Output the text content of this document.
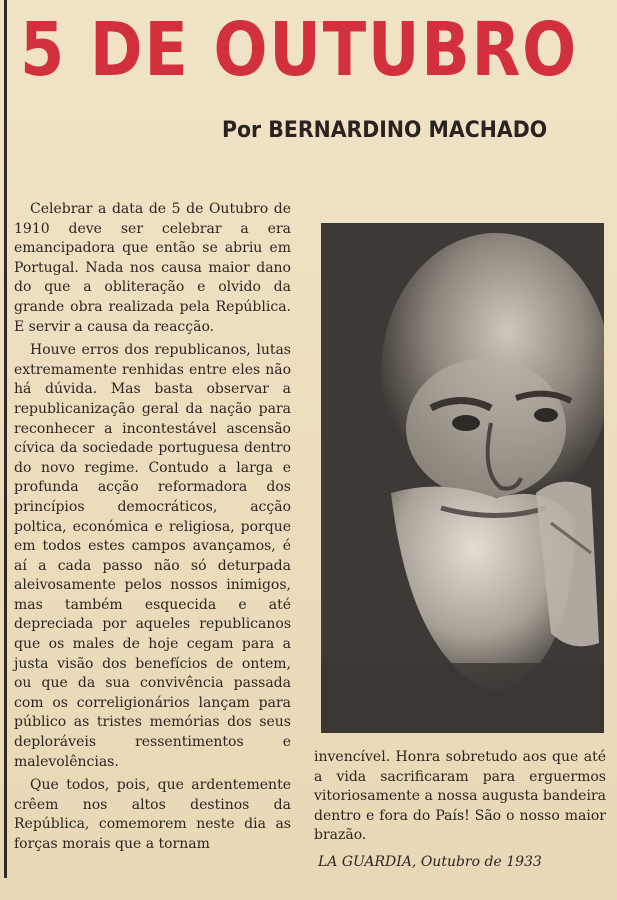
5 DE OUTUBRO
Por BERNARDINO MACHADO

Celebrar a data de 5 de Outubro de 1910 deve ser celebrar a era emancipadora que então se abriu em Portugal. Nada nos causa maior dano do que a obliteração e olvido da grande obra realizada pela República. E servir a causa da reacção.

Houve erros dos republicanos, lutas extremamente renhidas entre eles não há dúvida. Mas basta observar a republicanização geral da nação para reconhecer a incontestável ascensão cívica da sociedade portuguesa dentro do novo regime. Contudo a larga e profunda acção reformadora dos princípios democráticos, acção poltica, económica e religiosa, porque em todos estes campos avançamos, é aí a cada passo não só deturpada aleivosamente pelos nossos inimigos, mas também esquecida e até depreciada por aqueles republicanos que os males de hoje cegam para a justa visão dos benefícios de ontem, ou que da sua convivência passada com os correligionários lançam para público as tristes memórias dos seus deploráveis ressentimentos e malevolências.

Que todos, pois, que ardentemente crêem nos altos destinos da República, comemorem neste dia as forças morais que a tornam

invencível. Honra sobretudo aos que até a vida sacrificaram para erguermos vitoriosamente a nossa augusta bandeira dentro e fora do País! São o nosso maior brazão.

LA GUARDIA, Outubro de 1933
